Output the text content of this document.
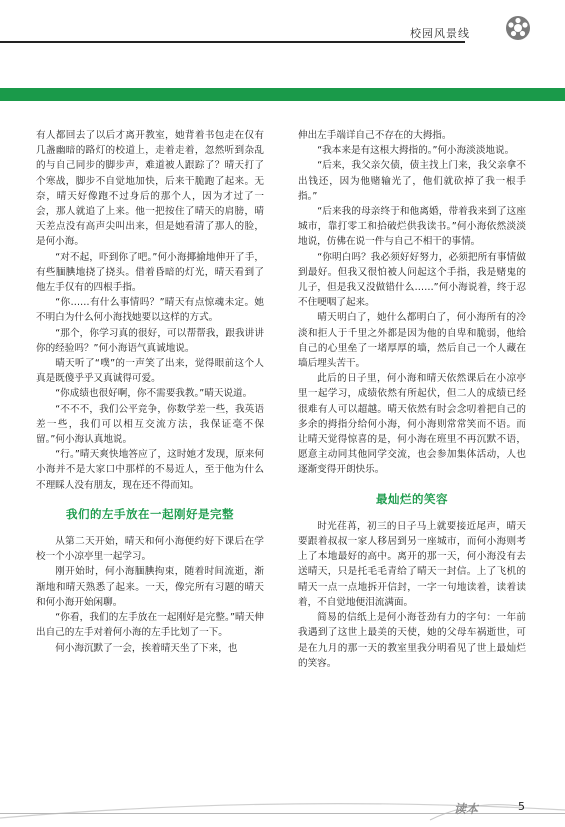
校园风景线

有人都回去了以后才离开教室，她背着书包走在仅有几盏幽暗的路灯的校道上，走着走着，忽然听到杂乱的与自己同步的脚步声，难道被人跟踪了？晴天打了个寒战，脚步不自觉地加快，后来干脆跑了起来。无奈，晴天好像跑不过身后的那个人，因为才过了一会，那人就追了上来。他一把按住了晴天的肩膀，晴天差点没有高声尖叫出来，但是她看清了那人的脸，是何小海。

“对不起，吓到你了吧。”何小海揶揄地伸开了手，有些腼腆地挠了挠头。借着昏暗的灯光，晴天看到了他左手仅有的四根手指。

“你……有什么事情吗？”晴天有点惊魂未定。她不明白为什么何小海找她要以这样的方式。

“那个，你学习真的很好，可以帮帮我，跟我讲讲你的经验吗？”何小海语气真诚地说。

晴天听了“噗”的一声笑了出来，觉得眼前这个人真是既傻乎乎又真诚得可爱。

“你成绩也很好啊，你不需要我教。”晴天说道。

“不不不，我们公平竞争，你数学差一些，我英语差一些，我们可以相互交流方法，我保证毫不保留。”何小海认真地说。

“行。”晴天爽快地答应了，这时她才发现，原来何小海并不是大家口中那样的不易近人，至于他为什么不理睬人没有朋友，现在还不得而知。

我们的左手放在一起刚好是完整

从第二天开始，晴天和何小海便约好下课后在学校一个小凉亭里一起学习。

刚开始时，何小海腼腆拘束，随着时间流逝，渐渐地和晴天熟悉了起来。一天，像完所有习题的晴天和何小海开始闲聊。

“你看，我们的左手放在一起刚好是完整。”晴天伸出自己的左手对着何小海的左手比划了一下。

何小海沉默了一会，挨着晴天坐了下来，也

伸出左手端详自己不存在的大拇指。

“我本来是有这根大拇指的。”何小海淡淡地说。

“后来，我父亲欠债，债主找上门来，我父亲拿不出钱还，因为他赌输光了，他们就砍掉了我一根手指。”

“后来我的母亲终于和他离婚，带着我来到了这座城市，靠打零工和拾破烂供我读书。”何小海依然淡淡地说，仿佛在说一件与自己不相干的事情。

“你明白吗？我必须好好努力，必须把所有事情做到最好。但我又很怕被人问起这个手指，我是赌鬼的儿子，但是我又没做错什么……”何小海说着，终于忍不住哽咽了起来。

晴天明白了，她什么都明白了，何小海所有的冷淡和拒人于千里之外都是因为他的自卑和脆弱，他给自己的心里垒了一堵厚厚的墙，然后自己一个人藏在墙后埋头苦干。

此后的日子里，何小海和晴天依然课后在小凉亭里一起学习，成绩依然有所起伏，但二人的成绩已经很难有人可以超越。晴天依然有时会念叨着把自己的多余的拇指分给何小海，何小海则常常笑而不语。而让晴天觉得惊喜的是，何小海在班里不再沉默不语，愿意主动同其他同学交流，也会参加集体活动，人也逐渐变得开朗快乐。

最灿烂的笑容

时光荏苒，初三的日子马上就要接近尾声，晴天要跟着叔叔一家人移居到另一座城市，而何小海则考上了本地最好的高中。离开的那一天，何小海没有去送晴天，只是托毛毛青给了晴天一封信。上了飞机的晴天一点一点地拆开信封，一字一句地读着，读着读着，不自觉地便泪流满面。

简易的信纸上是何小海苍劲有力的字句：一年前我遇到了这世上最美的天使，她的父母车祸逝世，可是在九月的那一天的教室里我分明看见了世上最灿烂的笑容。

读本	5
